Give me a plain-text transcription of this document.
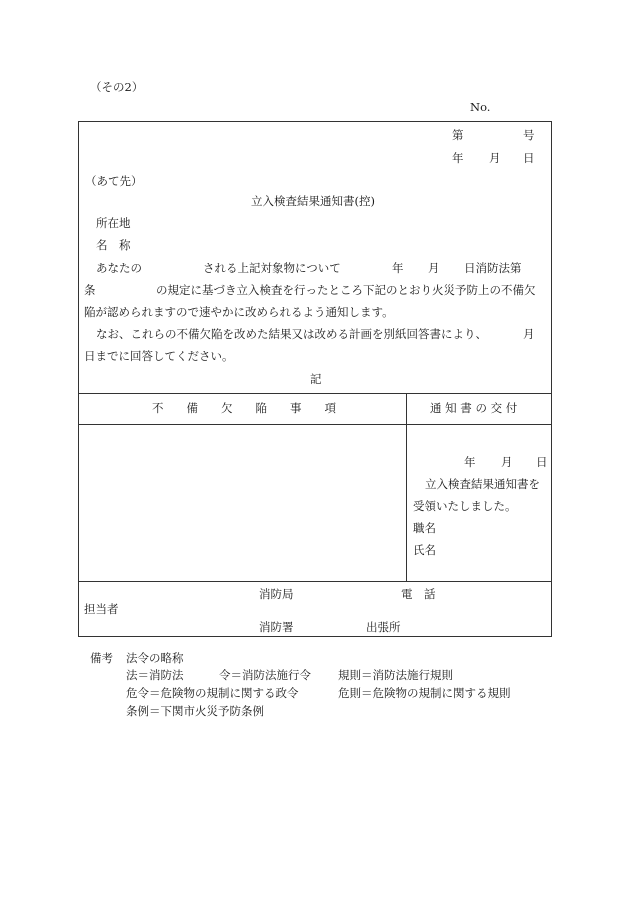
（その2）
No.
第	号
年 月 日
（あて先）
立入検査結果通知書(控)
所在地
名　称
あなたの	される上記対象物について	年 月 日消防法第
条	の規定に基づき立入検査を行ったところ下記のとおり火災予防上の不備欠
陥が認められますので速やかに改められるよう通知します。
なお、これらの不備欠陥を改めた結果又は改める計画を別紙回答書により、	月
日までに回答してください。
記
不　　備　　欠　　陥　　事　　項	通 知 書 の 交 付
年 月 日
立入検査結果通知書を
受領いたしました。
職名
氏名
消防局	電　話
担当者
消防署	出張所
備考 法令の略称
法＝消防法	令＝消防法施行令 規則＝消防法施行規則
危令＝危険物の規制に関する政令	危則＝危険物の規制に関する規則
条例＝下関市火災予防条例
